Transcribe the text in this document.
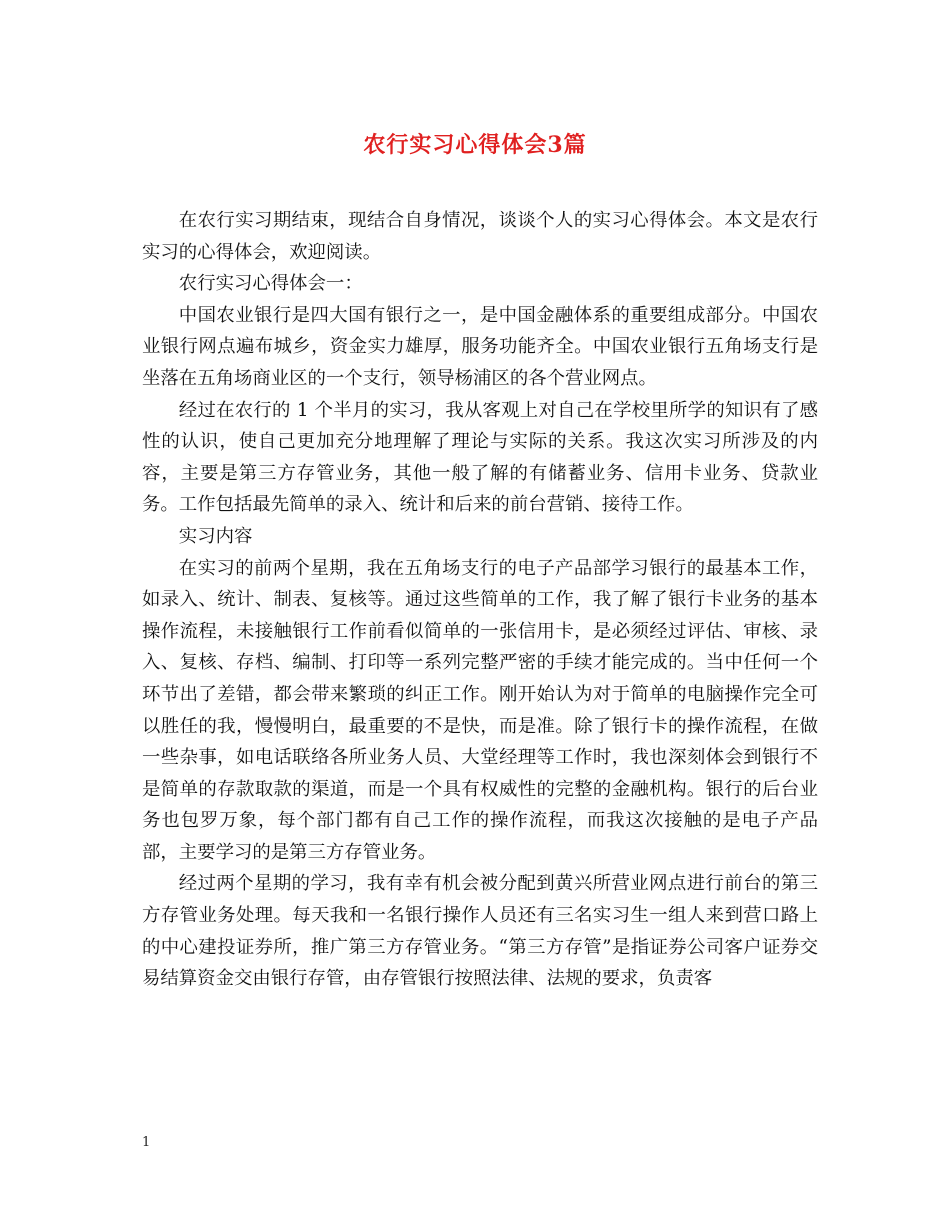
农行实习心得体会3篇

在农行实习期结束，现结合自身情况，谈谈个人的实习心得体会。本文是农行实习的心得体会，欢迎阅读。

农行实习心得体会一：

中国农业银行是四大国有银行之一，是中国金融体系的重要组成部分。中国农业银行网点遍布城乡，资金实力雄厚，服务功能齐全。中国农业银行五角场支行是坐落在五角场商业区的一个支行，领导杨浦区的各个营业网点。

经过在农行的 1 个半月的实习，我从客观上对自己在学校里所学的知识有了感性的认识，使自己更加充分地理解了理论与实际的关系。我这次实习所涉及的内容，主要是第三方存管业务，其他一般了解的有储蓄业务、信用卡业务、贷款业务。工作包括最先简单的录入、统计和后来的前台营销、接待工作。

实习内容

在实习的前两个星期，我在五角场支行的电子产品部学习银行的最基本工作，如录入、统计、制表、复核等。通过这些简单的工作，我了解了银行卡业务的基本操作流程，未接触银行工作前看似简单的一张信用卡，是必须经过评估、审核、录入、复核、存档、编制、打印等一系列完整严密的手续才能完成的。当中任何一个环节出了差错，都会带来繁琐的纠正工作。刚开始认为对于简单的电脑操作完全可以胜任的我，慢慢明白，最重要的不是快，而是准。除了银行卡的操作流程，在做一些杂事，如电话联络各所业务人员、大堂经理等工作时，我也深刻体会到银行不是简单的存款取款的渠道，而是一个具有权威性的完整的金融机构。银行的后台业务也包罗万象，每个部门都有自己工作的操作流程，而我这次接触的是电子产品部，主要学习的是第三方存管业务。

经过两个星期的学习，我有幸有机会被分配到黄兴所营业网点进行前台的第三方存管业务处理。每天我和一名银行操作人员还有三名实习生一组人来到营口路上的中心建投证券所，推广第三方存管业务。“第三方存管”是指证券公司客户证券交易结算资金交由银行存管，由存管银行按照法律、法规的要求，负责客

1
